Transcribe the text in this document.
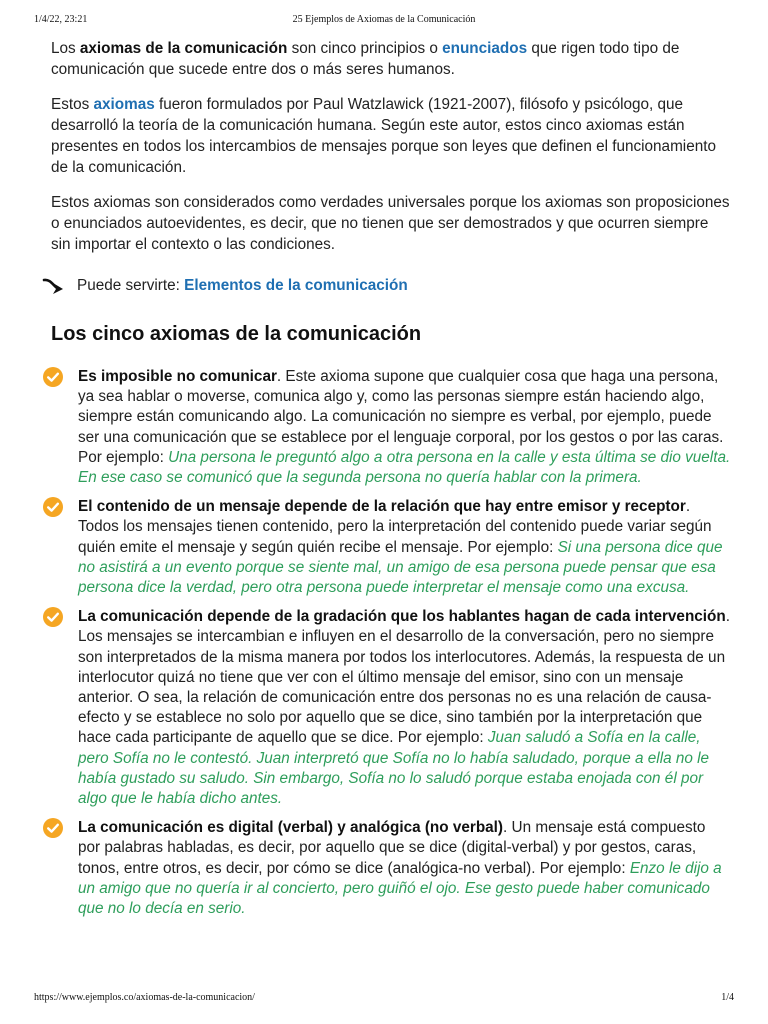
1/4/22, 23:21	25 Ejemplos de Axiomas de la Comunicación

Los axiomas de la comunicación son cinco principios o enunciados que rigen todo tipo de comunicación que sucede entre dos o más seres humanos.

Estos axiomas fueron formulados por Paul Watzlawick (1921-2007), filósofo y psicólogo, que desarrolló la teoría de la comunicación humana. Según este autor, estos cinco axiomas están presentes en todos los intercambios de mensajes porque son leyes que definen el funcionamiento de la comunicación.

Estos axiomas son considerados como verdades universales porque los axiomas son proposiciones o enunciados autoevidentes, es decir, que no tienen que ser demostrados y que ocurren siempre sin importar el contexto o las condiciones.

Puede servirte: Elementos de la comunicación
Los cinco axiomas de la comunicación

Es imposible no comunicar. Este axioma supone que cualquier cosa que haga una persona, ya sea hablar o moverse, comunica algo y, como las personas siempre están haciendo algo, siempre están comunicando algo. La comunicación no siempre es verbal, por ejemplo, puede ser una comunicación que se establece por el lenguaje corporal, por los gestos o por las caras. Por ejemplo: Una persona le preguntó algo a otra persona en la calle y esta última se dio vuelta. En ese caso se comunicó que la segunda persona no quería hablar con la primera.

El contenido de un mensaje depende de la relación que hay entre emisor y receptor. Todos los mensajes tienen contenido, pero la interpretación del contenido puede variar según quién emite el mensaje y según quién recibe el mensaje. Por ejemplo: Si una persona dice que no asistirá a un evento porque se siente mal, un amigo de esa persona puede pensar que esa persona dice la verdad, pero otra persona puede interpretar el mensaje como una excusa.

La comunicación depende de la gradación que los hablantes hagan de cada intervención. Los mensajes se intercambian e influyen en el desarrollo de la conversación, pero no siempre son interpretados de la misma manera por todos los interlocutores. Además, la respuesta de un interlocutor quizá no tiene que ver con el último mensaje del emisor, sino con un mensaje anterior. O sea, la relación de comunicación entre dos personas no es una relación de causa-efecto y se establece no solo por aquello que se dice, sino también por la interpretación que hace cada participante de aquello que se dice. Por ejemplo: Juan saludó a Sofía en la calle, pero Sofía no le contestó. Juan interpretó que Sofía no lo había saludado, porque a ella no le había gustado su saludo. Sin embargo, Sofía no lo saludó porque estaba enojada con él por algo que le había dicho antes.

La comunicación es digital (verbal) y analógica (no verbal). Un mensaje está compuesto por palabras habladas, es decir, por aquello que se dice (digital-verbal) y por gestos, caras, tonos, entre otros, es decir, por cómo se dice (analógica-no verbal). Por ejemplo: Enzo le dijo a un amigo que no quería ir al concierto, pero guiñó el ojo. Ese gesto puede haber comunicado que no lo decía en serio.

https://www.ejemplos.co/axiomas-de-la-comunicacion/	1/4
